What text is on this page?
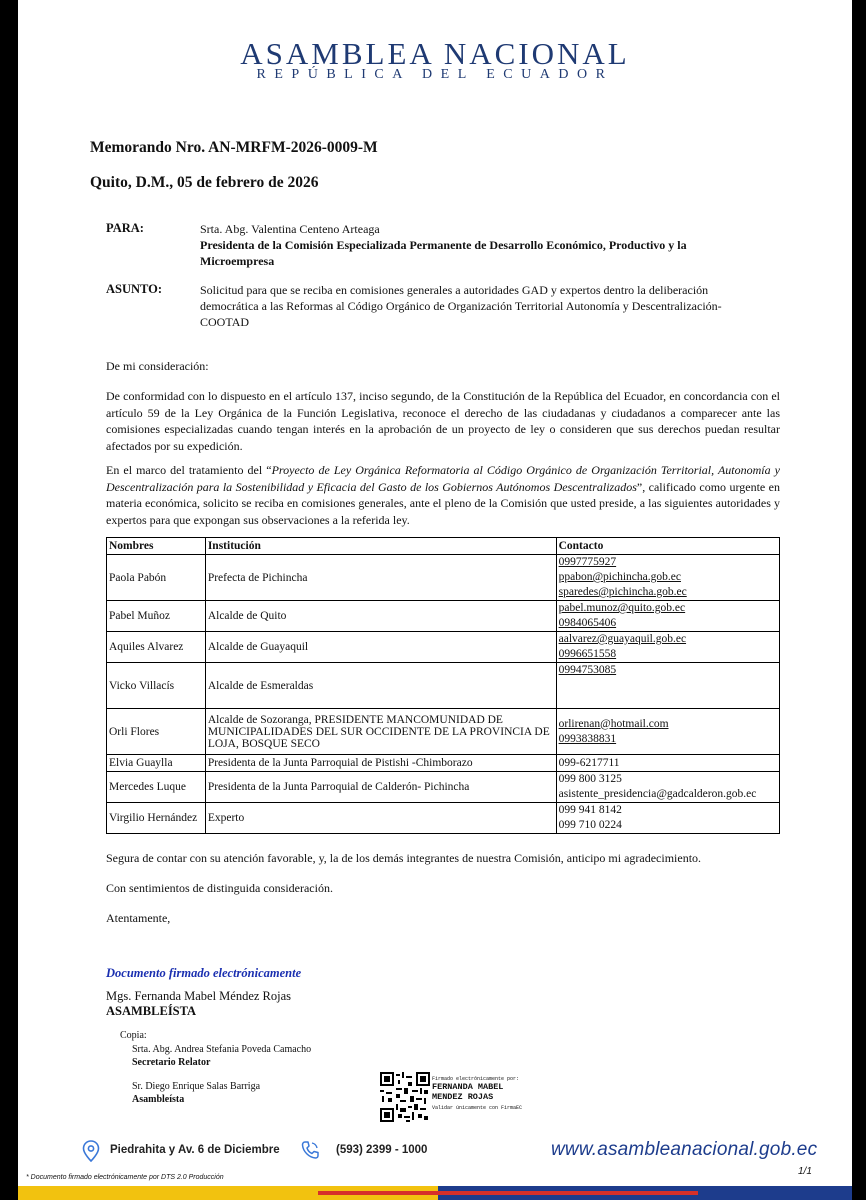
ASAMBLEA NACIONAL
REPÚBLICA DEL ECUADOR
Memorando Nro. AN-MRFM-2026-0009-M
Quito, D.M., 05 de febrero de 2026
PARA:	Srta. Abg. Valentina Centeno Arteaga
Presidenta de la Comisión Especializada Permanente de Desarrollo Económico, Productivo y la Microempresa
ASUNTO:	Solicitud para que se reciba en comisiones generales a autoridades GAD y expertos dentro la deliberación democrática a las Reformas al Código Orgánico de Organización Territorial Autonomía y Descentralización-COOTAD
De mi consideración:
De conformidad con lo dispuesto en el artículo 137, inciso segundo, de la Constitución de la República del Ecuador, en concordancia con el artículo 59 de la Ley Orgánica de la Función Legislativa, reconoce el derecho de las ciudadanas y ciudadanos a comparecer ante las comisiones especializadas cuando tengan interés en la aprobación de un proyecto de ley o consideren que sus derechos puedan resultar afectados por su expedición.
En el marco del tratamiento del “Proyecto de Ley Orgánica Reformatoria al Código Orgánico de Organización Territorial, Autonomía y Descentralización para la Sostenibilidad y Eficacia del Gasto de los Gobiernos Autónomos Descentralizados”, calificado como urgente en materia económica, solicito se reciba en comisiones generales, ante el pleno de la Comisión que usted preside, a las siguientes autoridades y expertos para que expongan sus observaciones a la referida ley.
Nombres	Institución	Contacto
Paola Pabón	Prefecta de Pichincha	0997775927
ppabon@pichincha.gob.ec
sparedes@pichincha.gob.ec

Pabel Muñoz	Alcalde de Quito	pabel.munoz@quito.gob.ec
0984065406

Aquiles Alvarez	Alcalde de Guayaquil	aalvarez@guayaquil.gob.ec
0996651558

Vicko Villacís	Alcalde de Esmeraldas	0994753085

Orli Flores	Alcalde de Sozoranga, PRESIDENTE MANCOMUNIDAD DE MUNICIPALIDADES DEL SUR OCCIDENTE DE LA PROVINCIA DE LOJA, BOSQUE SECO	orlirenan@hotmail.com
0993838831

Elvia Guaylla	Presidenta de la Junta Parroquial de Pistishi -Chimborazo	099-6217711

Mercedes Luque	Presidenta de la Junta Parroquial de Calderón- Pichincha	099 800 3125
asistente_presidencia@gadcalderon.gob.ec

Virgilio Hernández	Experto	099 941 8142
099 710 0224
Segura de contar con su atención favorable, y, la de los demás integrantes de nuestra Comisión, anticipo mi agradecimiento.
Con sentimientos de distinguida consideración.
Atentamente,
Documento firmado electrónicamente
Mgs. Fernanda Mabel Méndez Rojas
ASAMBLEÍSTA
Copia:
Srta. Abg. Andrea Stefania Poveda Camacho
Secretario Relator
Sr. Diego Enrique Salas Barriga
Asambleísta
Firmado electrónicamente por:
FERNANDA MABEL
MENDEZ ROJAS
Validar únicamente con FirmaEC
Piedrahita y Av. 6 de Diciembre	(593) 2399 - 1000	www.asambleanacional.gob.ec
1/1
* Documento firmado electrónicamente por DTS 2.0 Producción
